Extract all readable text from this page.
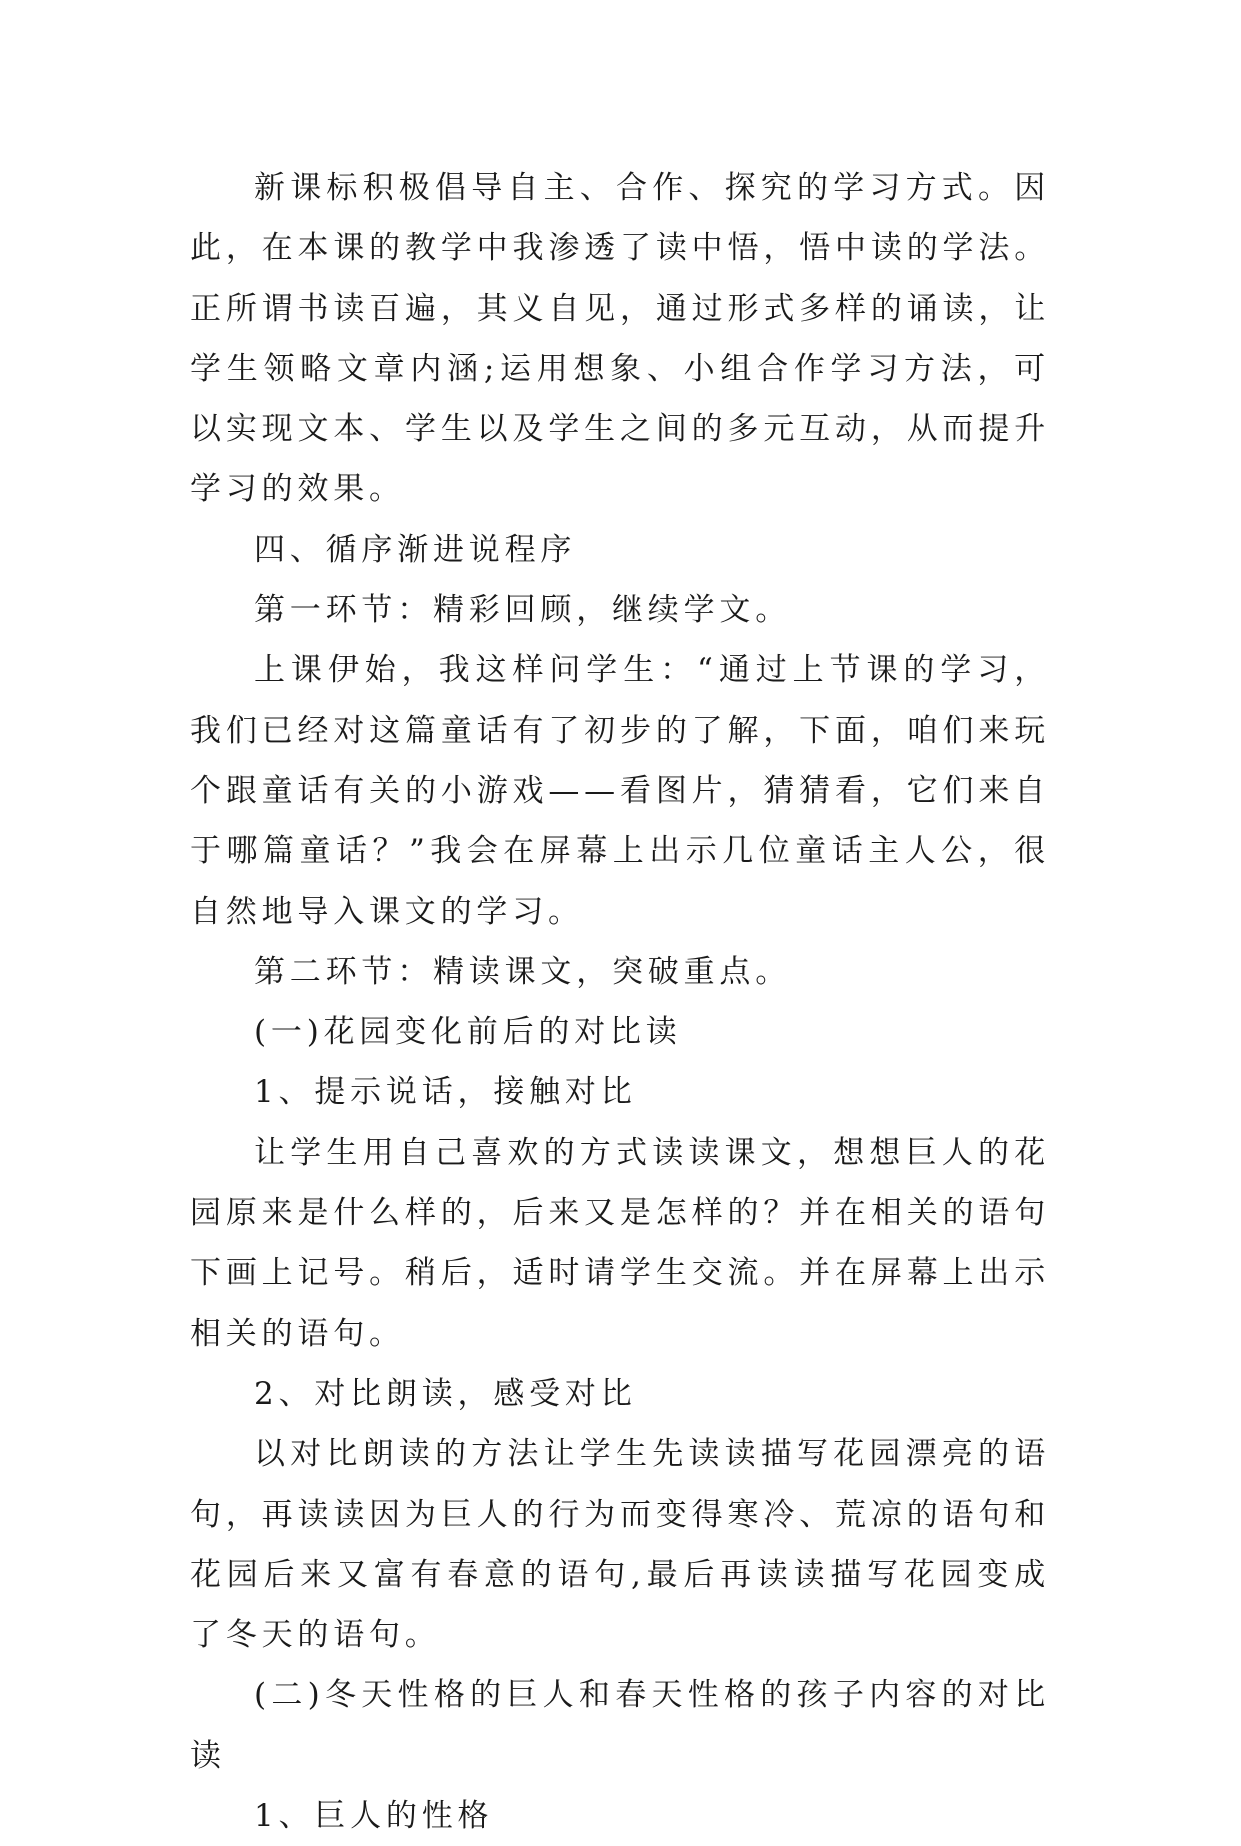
新课标积极倡导自主、合作、探究的学习方式。因此，在本课的教学中我渗透了读中悟，悟中读的学法。正所谓书读百遍，其义自见，通过形式多样的诵读，让学生领略文章内涵;运用想象、小组合作学习方法，可以实现文本、学生以及学生之间的多元互动，从而提升学习的效果。

四、循序渐进说程序

第一环节：精彩回顾，继续学文。

上课伊始，我这样问学生：“通过上节课的学习，我们已经对这篇童话有了初步的了解，下面，咱们来玩个跟童话有关的小游戏——看图片，猜猜看，它们来自于哪篇童话？”我会在屏幕上出示几位童话主人公，很自然地导入课文的学习。

第二环节：精读课文，突破重点。

(一)花园变化前后的对比读

1、提示说话，接触对比

让学生用自己喜欢的方式读读课文，想想巨人的花园原来是什么样的，后来又是怎样的？并在相关的语句下画上记号。稍后，适时请学生交流。并在屏幕上出示相关的语句。

2、对比朗读，感受对比

以对比朗读的方法让学生先读读描写花园漂亮的语句，再读读因为巨人的行为而变得寒冷、荒凉的语句和花园后来又富有春意的语句,最后再读读描写花园变成了冬天的语句。

(二)冬天性格的巨人和春天性格的孩子内容的对比读

1、巨人的性格
